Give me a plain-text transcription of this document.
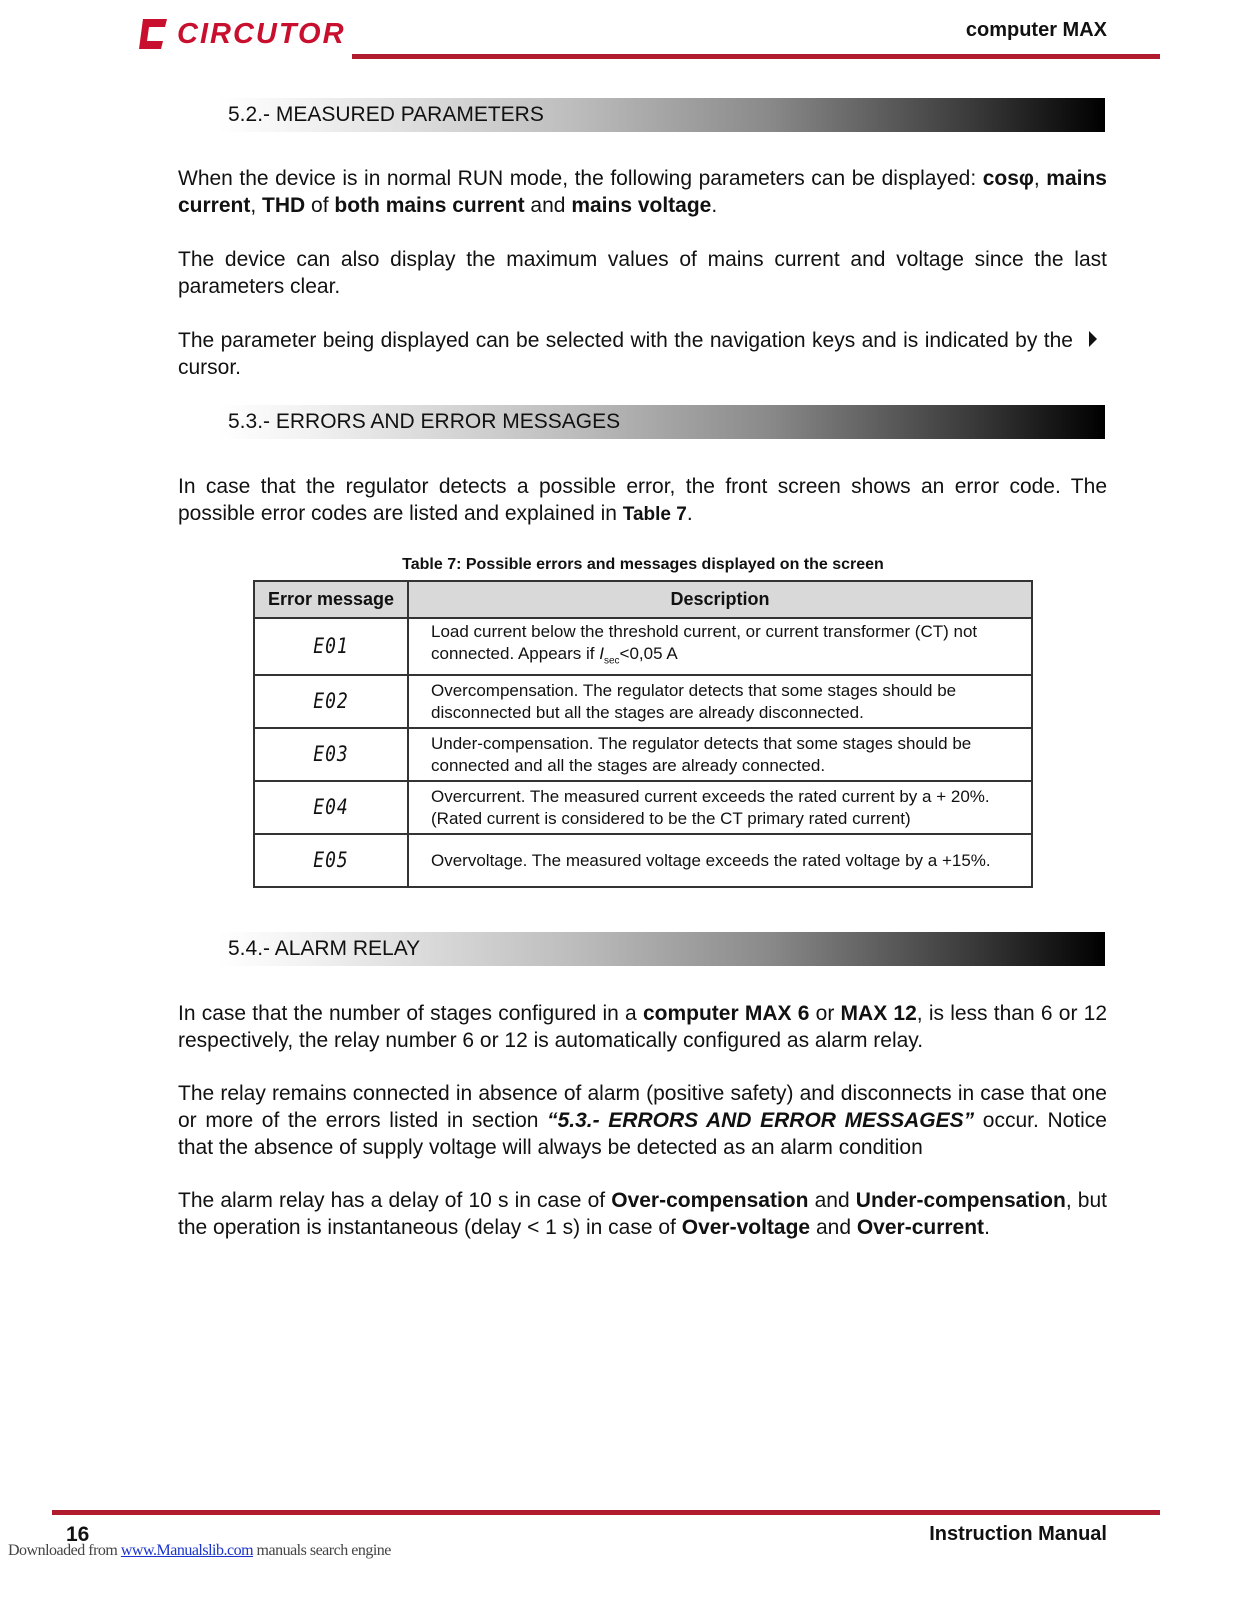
CIRCUTOR	computer MAX
5.2.- MEASURED PARAMETERS
When the device is in normal RUN mode, the following parameters can be displayed: cosφ, mains current, THD of both mains current and mains voltage.
The device can also display the maximum values of mains current and voltage since the last parameters clear.
The parameter being displayed can be selected with the navigation keys and is indicated by thecursor.
5.3.- ERRORS AND ERROR MESSAGES
In case that the regulator detects a possible error, the front screen shows an error code. The possible error codes are listed and explained in Table 7.
Table 7: Possible errors and messages displayed on the screen
Error message	Description
E01	Load current below the threshold current, or current transformer (CT) not connected. Appears if $I_{sec}<0,05$ A
E02	Overcompensation. The regulator detects that some stages should be disconnected but all the stages are already disconnected.
E03	Under-compensation. The regulator detects that some stages should be connected and all the stages are already connected.
E04	Overcurrent. The measured current exceeds the rated current by a + 20%. (Rated current is considered to be the CT primary rated current)
E05	Overvoltage. The measured voltage exceeds the rated voltage by a +15%.
5.4.- ALARM RELAY
In case that the number of stages configured in a computer MAX 6 or MAX 12, is less than 6 or 12 respectively, the relay number 6 or 12 is automatically configured as alarm relay.
The relay remains connected in absence of alarm (positive safety) and disconnects in case that one or more of the errors listed in section “5.3.- ERRORS AND ERROR MESSAGES” occur. Notice that the absence of supply voltage will always be detected as an alarm condition
The alarm relay has a delay of 10 s in case of Over-compensation and Under-compensation, but the operation is instantaneous (delay < 1 s) in case of Over-voltage and Over-current.
16	Instruction Manual
Downloaded from www.Manualslib.com manuals search engine
